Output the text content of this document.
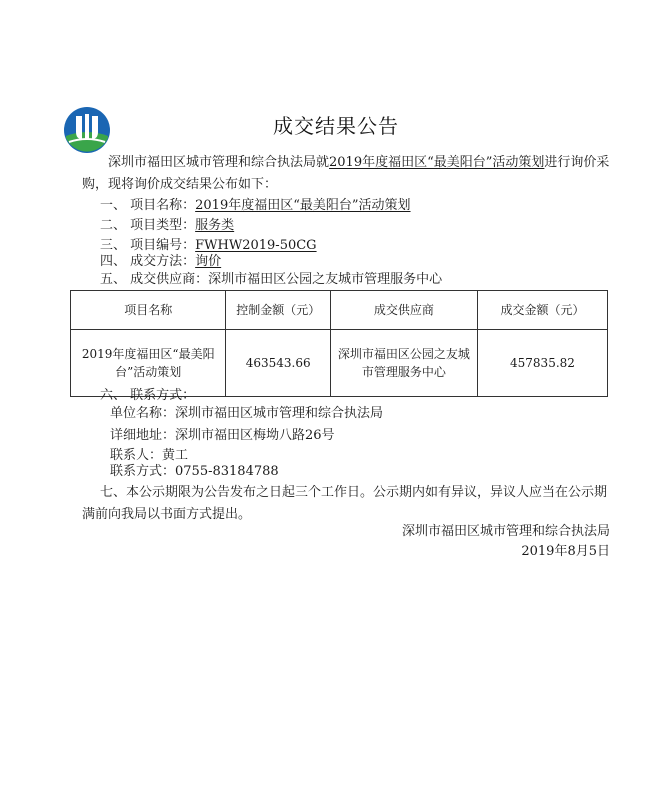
成交结果公告
深圳市福田区城市管理和综合执法局就2019年度福田区“最美阳台”活动策划进行询价采购，现将询价成交结果公布如下：
一、 项目名称：2019年度福田区“最美阳台”活动策划
二、 项目类型：服务类
三、 项目编号：FWHW2019-50CG
四、 成交方法：询价
五、 成交供应商：深圳市福田区公园之友城市管理服务中心
项目名称	控制金额（元）	成交供应商	成交金额（元）
2019年度福田区“最美阳台”活动策划	463543.66	深圳市福田区公园之友城市管理服务中心	457835.82
六、 联系方式：
单位名称：深圳市福田区城市管理和综合执法局
详细地址：深圳市福田区梅坳八路26号
联系人：黄工
联系方式：0755-83184788
七、本公示期限为公告发布之日起三个工作日。公示期内如有异议，异议人应当在公示期满前向我局以书面方式提出。
深圳市福田区城市管理和综合执法局
2019年8月5日
